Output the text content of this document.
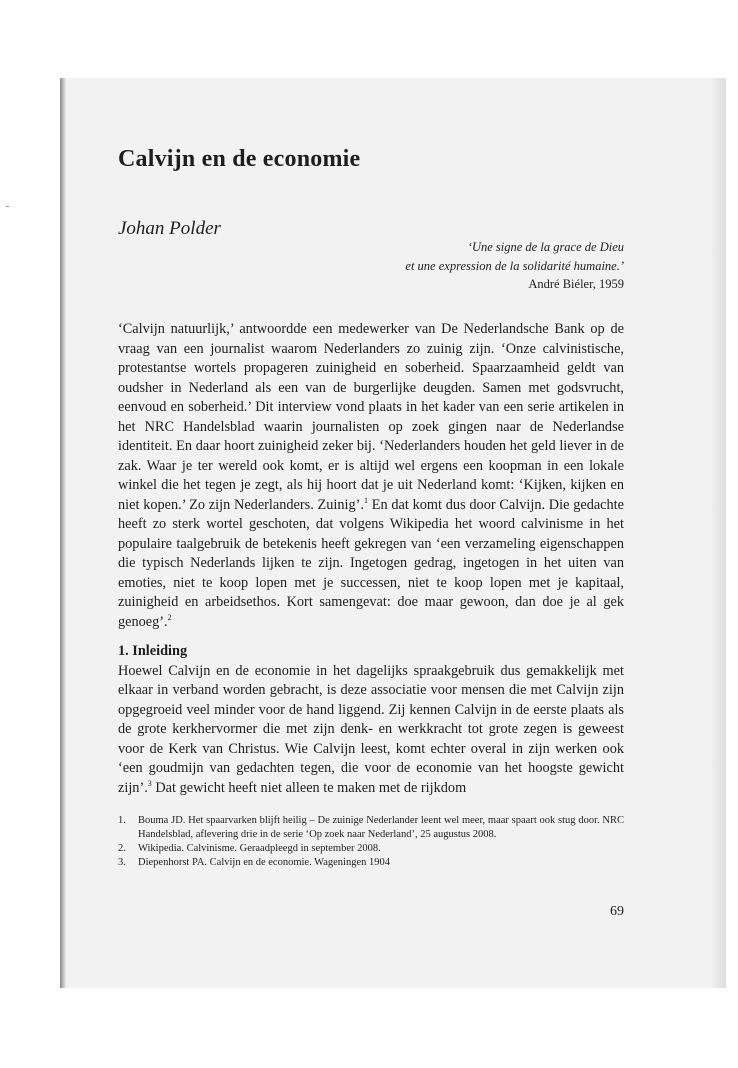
Calvijn en de economie
Johan Polder
‘Une signe de la grace de Dieu
et une expression de la solidarité humaine.’
André Biéler, 1959

‘Calvijn natuurlijk,’ antwoordde een medewerker van De Nederlandsche Bank op de vraag van een journalist waarom Nederlanders zo zuinig zijn. ‘Onze calvinistische, protestantse wortels propageren zuinigheid en soberheid. Spaarzaamheid geldt van oudsher in Nederland als een van de burgerlijke deugden. Samen met godsvrucht, eenvoud en soberheid.’ Dit interview vond plaats in het kader van een serie artikelen in het NRC Handelsblad waarin journalisten op zoek gingen naar de Nederlandse identiteit. En daar hoort zuinigheid zeker bij. ‘Nederlanders houden het geld liever in de zak. Waar je ter wereld ook komt, er is altijd wel ergens een koopman in een lokale winkel die het tegen je zegt, als hij hoort dat je uit Nederland komt: ‘Kijken, kijken en niet kopen.’ Zo zijn Nederlanders. Zuinig’.$^1$ En dat komt dus door Calvijn. Die gedachte heeft zo sterk wortel geschoten, dat volgens Wikipedia het woord calvinisme in het populaire taalgebruik de betekenis heeft gekregen van ‘een verzameling eigenschappen die typisch Nederlands lijken te zijn. Ingetogen gedrag, ingetogen in het uiten van emoties, niet te koop lopen met je successen, niet te koop lopen met je kapitaal, zuinigheid en arbeidsethos. Kort samengevat: doe maar gewoon, dan doe je al gek genoeg’.$^2$

1. Inleiding

Hoewel Calvijn en de economie in het dagelijks spraakgebruik dus gemakkelijk met elkaar in verband worden gebracht, is deze associatie voor mensen die met Calvijn zijn opgegroeid veel minder voor de hand liggend. Zij kennen Calvijn in de eerste plaats als de grote kerkhervormer die met zijn denk- en werkkracht tot grote zegen is geweest voor de Kerk van Christus. Wie Calvijn leest, komt echter overal in zijn werken ook ‘een goudmijn van gedachten tegen, die voor de economie van het hoogste gewicht zijn’.$^3$ Dat gewicht heeft niet alleen te maken met de rijkdom

1.	Bouma JD. Het spaarvarken blijft heilig – De zuinige Nederlander leent wel meer, maar spaart ook stug door. NRC Handelsblad, aflevering drie in de serie ‘Op zoek naar Nederland’, 25 augustus 2008.
2.	Wikipedia. Calvinisme. Geraadpleegd in september 2008.
3.	Diepenhorst PA. Calvijn en de economie. Wageningen 1904
69
